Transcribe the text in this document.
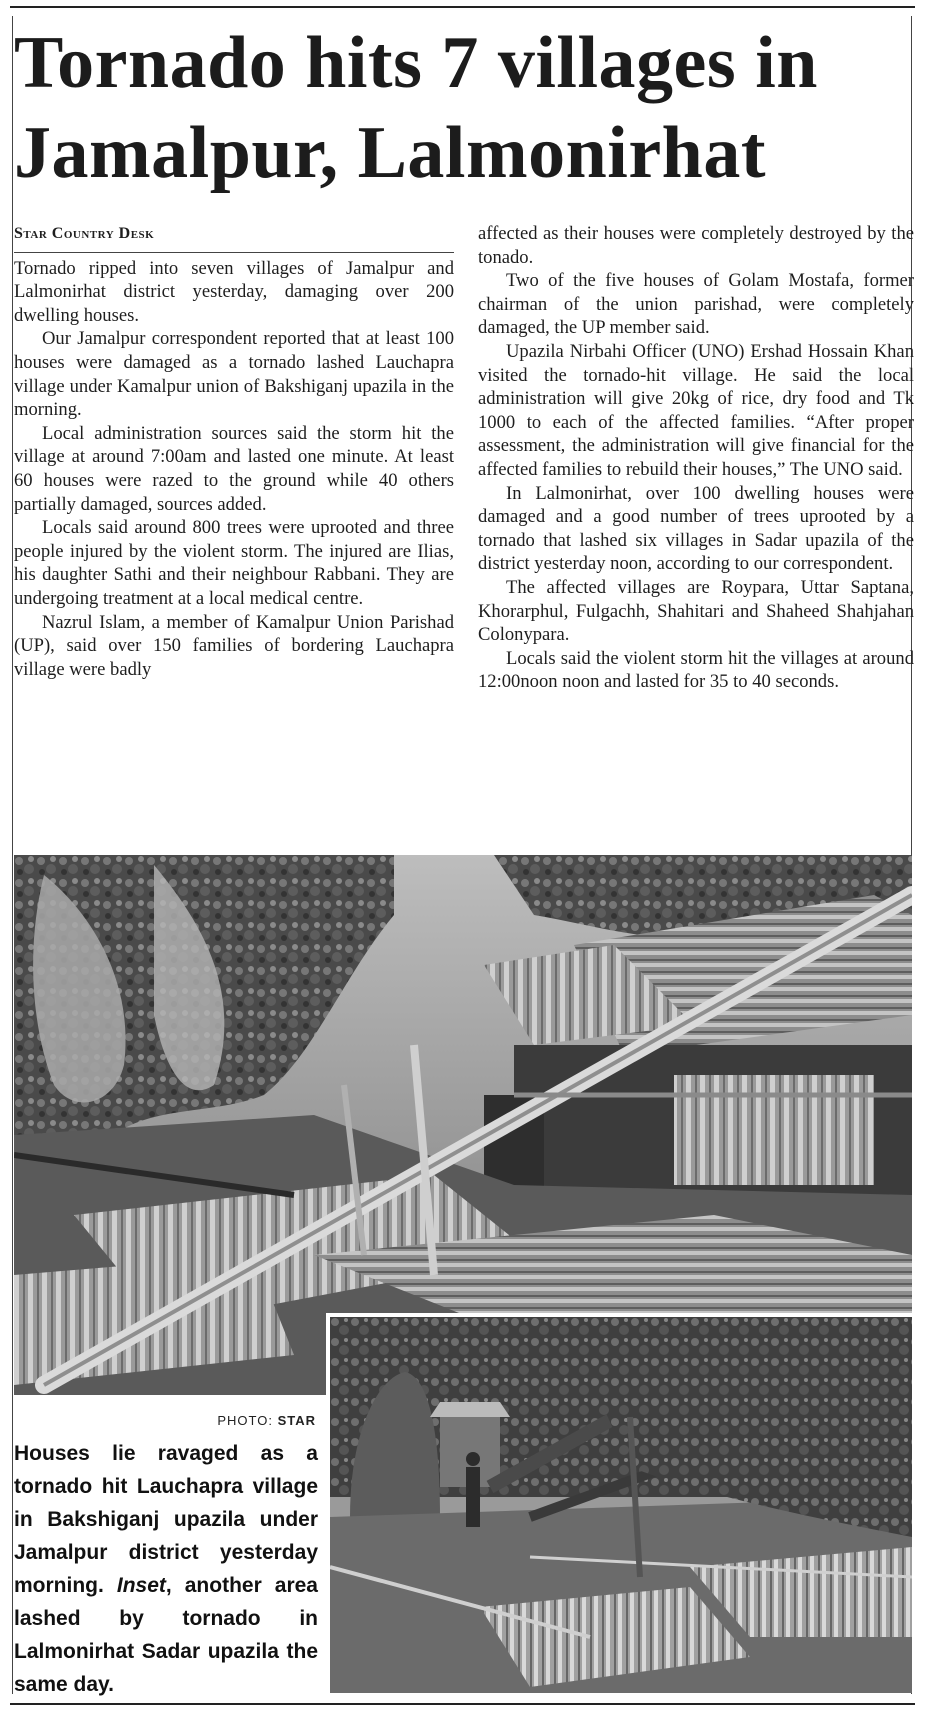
Tornado hits 7 villages in Jamalpur, Lalmonirhat
Star Country Desk

Tornado ripped into seven villages of Jamalpur and Lalmonirhat district yesterday, damaging over 200 dwelling houses.

Our Jamalpur correspondent reported that at least 100 houses were damaged as a tornado lashed Lauchapra village under Kamalpur union of Bakshiganj upazila in the morning.

Local administration sources said the storm hit the village at around 7:00am and lasted one minute. At least 60 houses were razed to the ground while 40 others partially damaged, sources added.

Locals said around 800 trees were uprooted and three people injured by the violent storm. The injured are Ilias, his daughter Sathi and their neighbour Rabbani. They are undergoing treatment at a local medical centre.

Nazrul Islam, a member of Kamalpur Union Parishad (UP), said over 150 families of bordering Lauchapra village were badly

affected as their houses were completely destroyed by the tonado.

Two of the five houses of Golam Mostafa, former chairman of the union parishad, were completely damaged, the UP member said.

Upazila Nirbahi Officer (UNO) Ershad Hossain Khan visited the tornado-hit village. He said the local administration will give 20kg of rice, dry food and Tk 1000 to each of the affected families. “After proper assessment, the administration will give financial for the affected families to rebuild their houses,” The UNO said.

In Lalmonirhat, over 100 dwelling houses were damaged and a good number of trees uprooted by a tornado that lashed six villages in Sadar upazila of the district yesterday noon, according to our correspondent.

The affected villages are Roypara, Uttar Saptana, Khorarphul, Fulgachh, Shahitari and Shaheed Shahjahan Colonypara.

Locals said the violent storm hit the villages at around 12:00noon noon and lasted for 35 to 40 seconds.

PHOTO: STAR

Houses lie ravaged as a tornado hit Lauchapra village in Bakshiganj upazila under Jamalpur district yesterday morning. Inset, another area lashed by tornado in Lalmonirhat Sadar upazila the same day.
